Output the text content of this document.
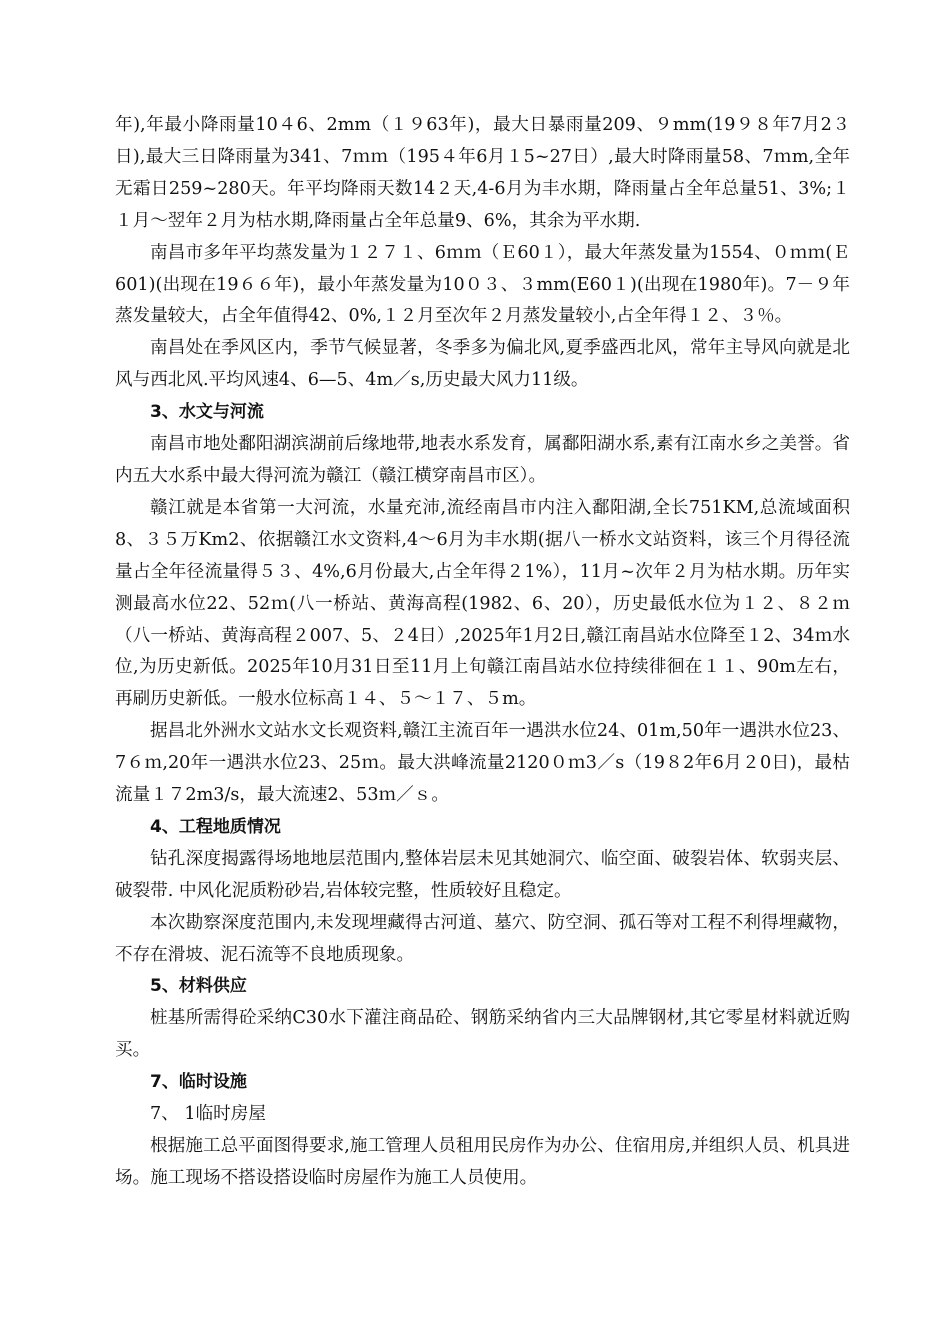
年),年最小降雨量10４6、2mm（１９63年)，最大日暴雨量209、９mm(19９８年7月2３日),最大三日降雨量为341、7ｍｍ（195４年6月１5~27日）,最大时降雨量58、7ｍm,全年无霜日259~280天。年平均降雨天数14２天,4-6月为丰水期，降雨量占全年总量51、3%;１１月～翌年２月为枯水期,降雨量占全年总量9、6%，其余为平水期.

南昌市多年平均蒸发量为１２７１、6ｍｍ（Ｅ60１），最大年蒸发量为1554、０ｍｍ(Ｅ601)(出现在19６６年)，最小年蒸发量为10０３、３mm(E60１)(出现在1980年)。7－９年蒸发量较大，占全年值得42、0%,１２月至次年２月蒸发量较小,占全年得１２、３％。

南昌处在季风区内，季节气候显著，冬季多为偏北风,夏季盛西北风，常年主导风向就是北风与西北风.平均风速4、6—5、4m／s,历史最大风力11级。

3、水文与河流

南昌市地处鄱阳湖滨湖前后缘地带,地表水系发育，属鄱阳湖水系,素有江南水乡之美誉。省内五大水系中最大得河流为赣江（赣江横穿南昌市区）。

赣江就是本省第一大河流，水量充沛,流经南昌市内注入鄱阳湖,全长751KM,总流域面积8、３５万Km2、依据赣江水文资料,4～6月为丰水期(据八一桥水文站资料，该三个月得径流量占全年径流量得５３、4%,6月份最大,占全年得２1%），11月~次年２月为枯水期。历年实测最高水位22、52ｍ(八一桥站、黄海高程(1982、6、20），历史最低水位为１２、８２ｍ（八一桥站、黄海高程２007、5、２4日）,2025年1月2日,赣江南昌站水位降至１2、34ｍ水位,为历史新低。2025年10月31日至11月上旬赣江南昌站水位持续徘徊在１１、90m左右，再刷历史新低。一般水位标高１４、５～１７、５m。

据昌北外洲水文站水文长观资料,赣江主流百年一遇洪水位24、01m,50年一遇洪水位23、7６ｍ,20年一遇洪水位23、25ｍ。最大洪峰流量2120０ｍ3／s（19８2年6月２0日)，最枯流量１７2m3/s，最大流速2、53ｍ／ｓ。

4、工程地质情况

钻孔深度揭露得场地地层范围内,整体岩层未见其她洞穴、临空面、破裂岩体、软弱夹层、破裂带. 中风化泥质粉砂岩,岩体较完整，性质较好且稳定。

本次勘察深度范围内,未发现埋藏得古河道、墓穴、防空洞、孤石等对工程不利得埋藏物，不存在滑坡、泥石流等不良地质现象。

5、材料供应

桩基所需得砼采纳C30水下灌注商品砼、钢筋采纳省内三大品牌钢材,其它零星材料就近购买。

7、临时设施

7、 1临时房屋

根据施工总平面图得要求,施工管理人员租用民房作为办公、住宿用房,并组织人员、机具进场。施工现场不搭设搭设临时房屋作为施工人员使用。
